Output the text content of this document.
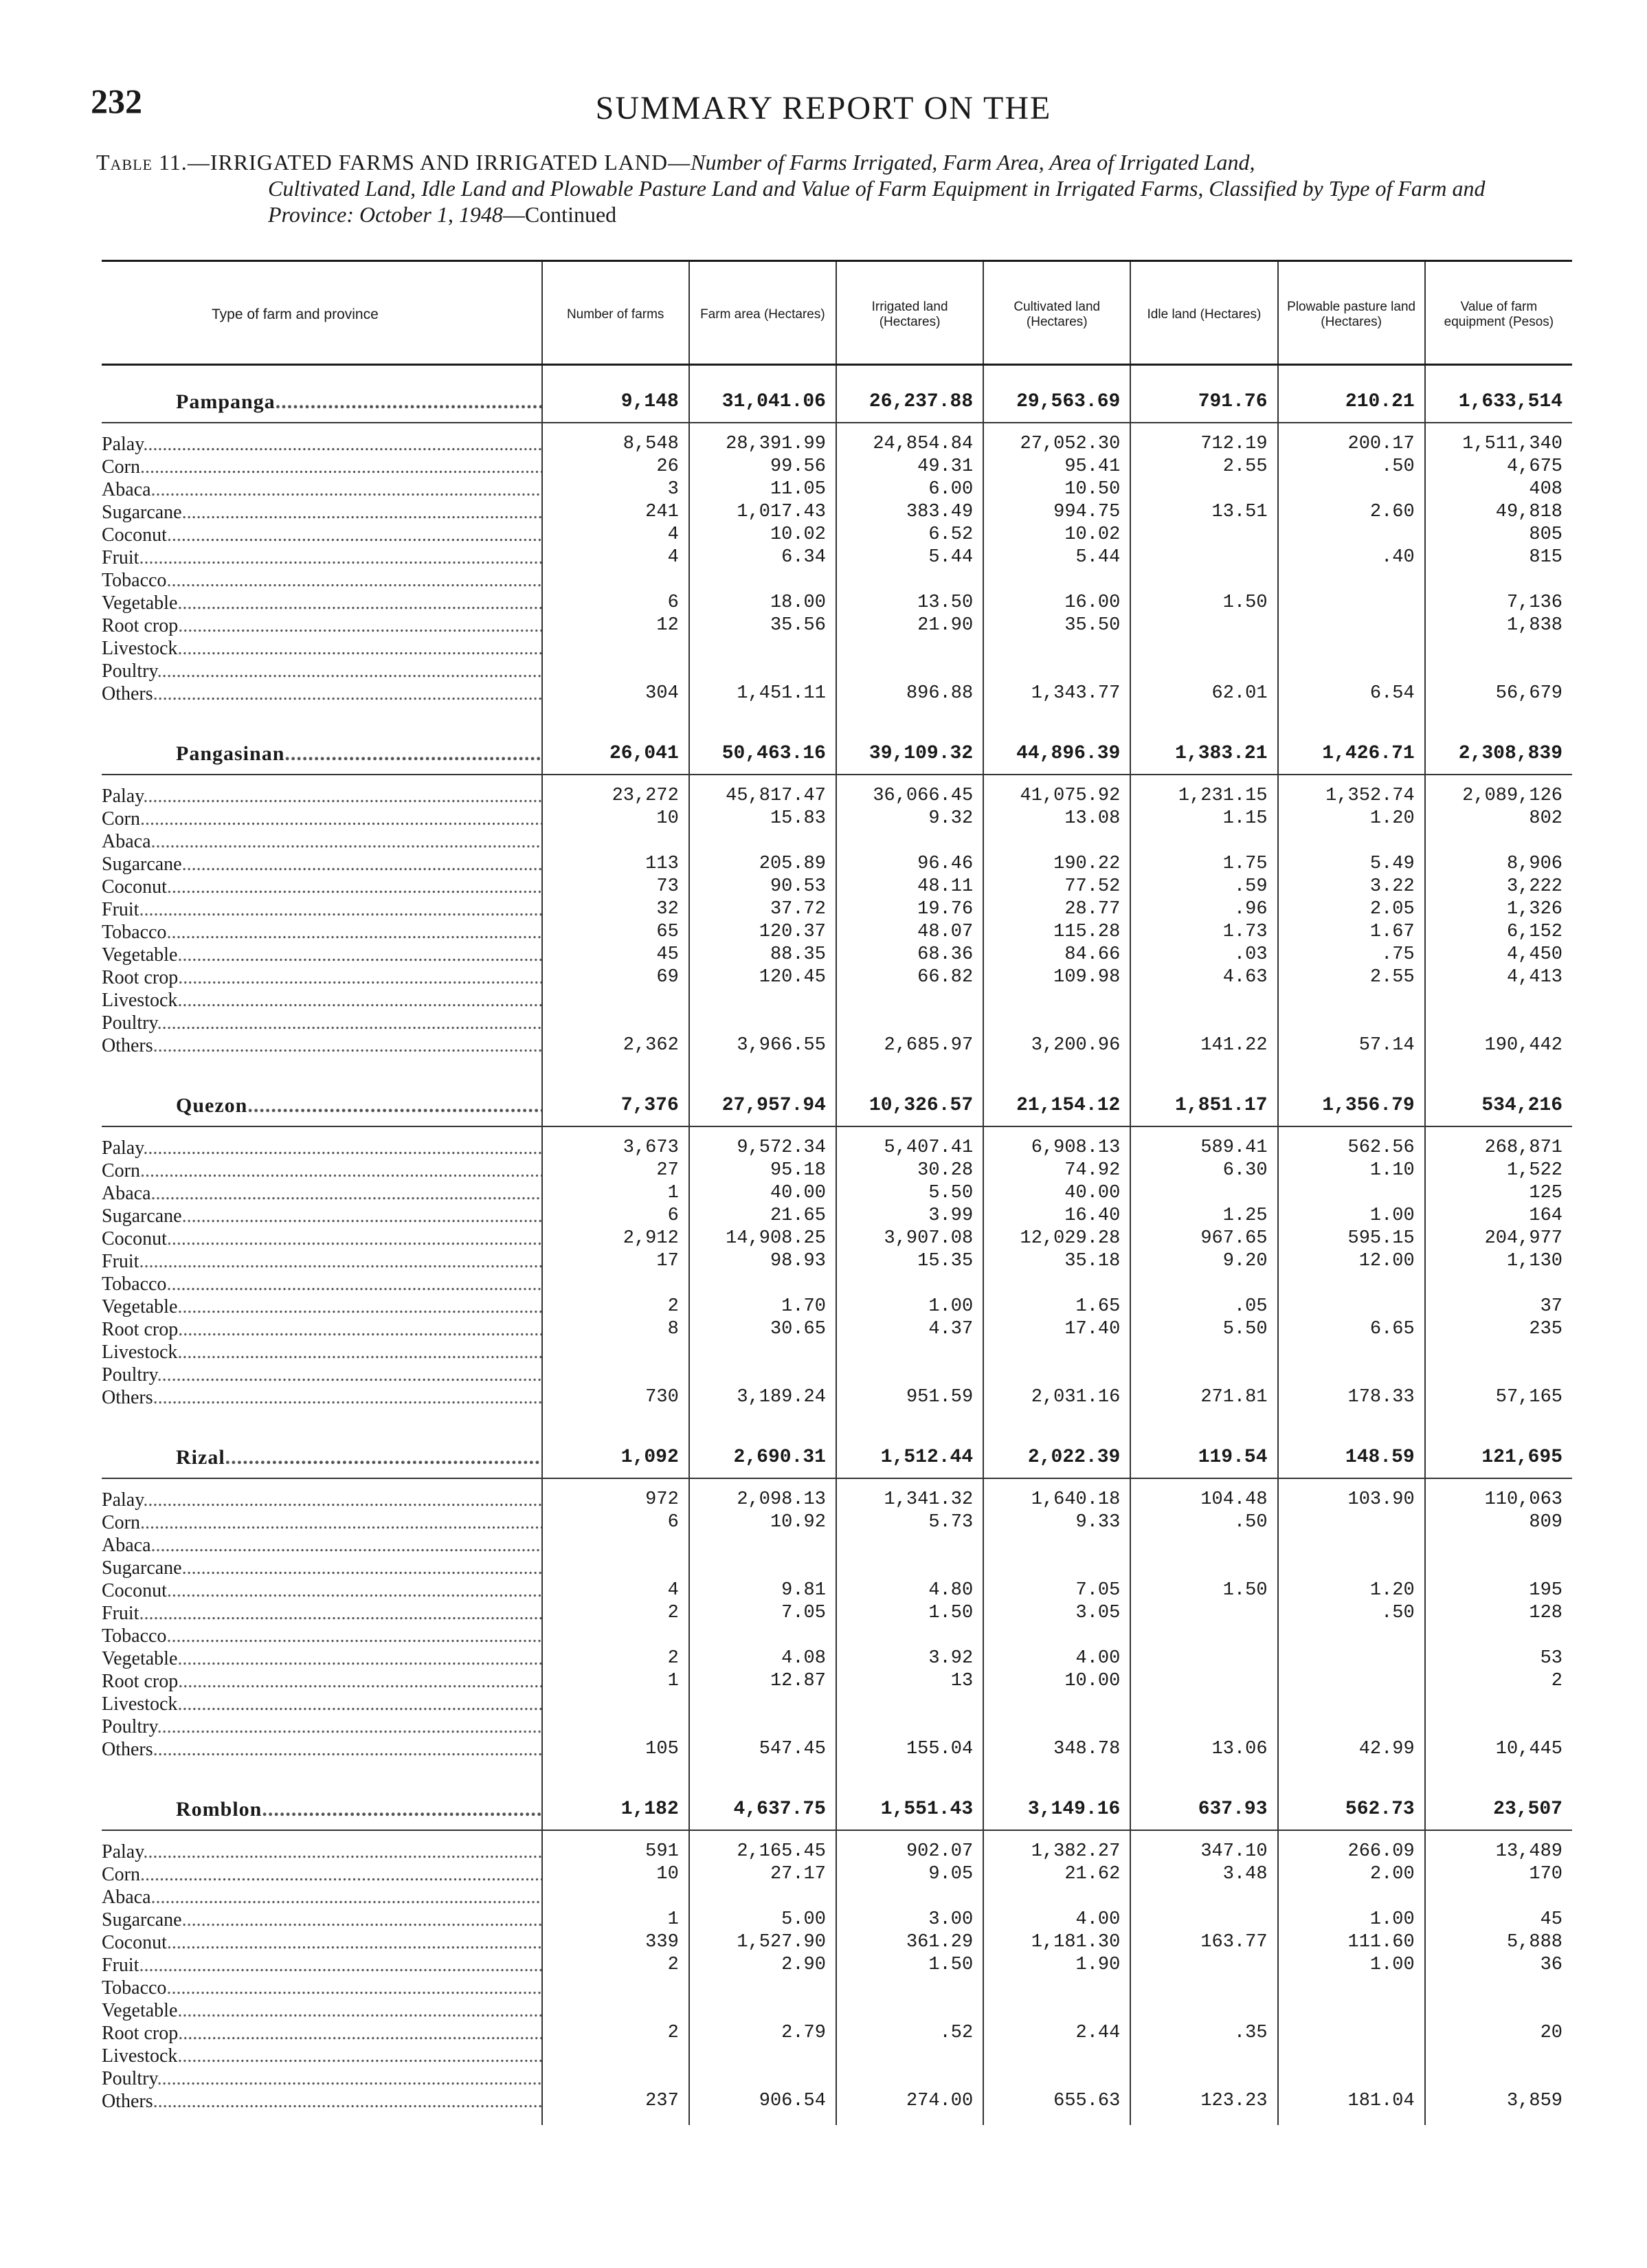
232	SUMMARY REPORT ON THE
Table 11.—IRRIGATED FARMS AND IRRIGATED LAND—Number of Farms Irrigated, Farm Area, Area of Irrigated Land,
Cultivated Land, Idle Land and Plowable Pasture Land and Value of Farm Equipment in Irrigated Farms, Classified by Type of Farm and Province: October 1, 1948—Continued
Type of farm and province	Number of farms	Farm area (Hectares)	Irrigated land (Hectares)	Cultivated land (Hectares)	Idle land (Hectares)	Plowable pasture land (Hectares)	Value of farm equipment (Pesos)
Pampanga .....	9,148	31,041.06	26,237.88	29,563.69	791.76	210.21	1,633,514

Palay .....	8,548	28,391.99	24,854.84	27,052.30	712.19	200.17	1,511,340
Corn .....	26	99.56	49.31	95.41	2.55	.50	4,675
Abaca .....	3	11.05	6.00	10.50			408
Sugarcane .....	241	1,017.43	383.49	994.75	13.51	2.60	49,818
Coconut .....	4	10.02	6.52	10.02			805
Fruit .....	4	6.34	5.44	5.44		.40	815
Tobacco .....							
Vegetable .....	6	18.00	13.50	16.00	1.50		7,136
Root crop .....	12	35.56	21.90	35.50			1,838
Livestock .....							
Poultry .....							
Others .....	304	1,451.11	896.88	1,343.77	62.01	6.54	56,679
Pangasinan .....	26,041	50,463.16	39,109.32	44,896.39	1,383.21	1,426.71	2,308,839

Palay .....	23,272	45,817.47	36,066.45	41,075.92	1,231.15	1,352.74	2,089,126
Corn .....	10	15.83	9.32	13.08	1.15	1.20	802
Abaca .....							
Sugarcane .....	113	205.89	96.46	190.22	1.75	5.49	8,906
Coconut .....	73	90.53	48.11	77.52	.59	3.22	3,222
Fruit .....	32	37.72	19.76	28.77	.96	2.05	1,326
Tobacco .....	65	120.37	48.07	115.28	1.73	1.67	6,152
Vegetable .....	45	88.35	68.36	84.66	.03	.75	4,450
Root crop .....	69	120.45	66.82	109.98	4.63	2.55	4,413
Livestock .....							
Poultry .....							
Others .....	2,362	3,966.55	2,685.97	3,200.96	141.22	57.14	190,442
Quezon .....	7,376	27,957.94	10,326.57	21,154.12	1,851.17	1,356.79	534,216

Palay .....	3,673	9,572.34	5,407.41	6,908.13	589.41	562.56	268,871
Corn .....	27	95.18	30.28	74.92	6.30	1.10	1,522
Abaca .....	1	40.00	5.50	40.00			125
Sugarcane .....	6	21.65	3.99	16.40	1.25	1.00	164
Coconut .....	2,912	14,908.25	3,907.08	12,029.28	967.65	595.15	204,977
Fruit .....	17	98.93	15.35	35.18	9.20	12.00	1,130
Tobacco .....							
Vegetable .....	2	1.70	1.00	1.65	.05		37
Root crop .....	8	30.65	4.37	17.40	5.50	6.65	235
Livestock .....							
Poultry .....							
Others .....	730	3,189.24	951.59	2,031.16	271.81	178.33	57,165
Rizal .....	1,092	2,690.31	1,512.44	2,022.39	119.54	148.59	121,695

Palay .....	972	2,098.13	1,341.32	1,640.18	104.48	103.90	110,063
Corn .....	6	10.92	5.73	9.33	.50		809
Abaca .....							
Sugarcane .....							
Coconut .....	4	9.81	4.80	7.05	1.50	1.20	195
Fruit .....	2	7.05	1.50	3.05		.50	128
Tobacco .....							
Vegetable .....	2	4.08	3.92	4.00			53
Root crop .....	1	12.87	13	10.00			2
Livestock .....							
Poultry .....							
Others .....	105	547.45	155.04	348.78	13.06	42.99	10,445
Romblon .....	1,182	4,637.75	1,551.43	3,149.16	637.93	562.73	23,507

Palay .....	591	2,165.45	902.07	1,382.27	347.10	266.09	13,489
Corn .....	10	27.17	9.05	21.62	3.48	2.00	170
Abaca .....							
Sugarcane .....	1	5.00	3.00	4.00		1.00	45
Coconut .....	339	1,527.90	361.29	1,181.30	163.77	111.60	5,888
Fruit .....	2	2.90	1.50	1.90		1.00	36
Tobacco .....							
Vegetable .....							
Root crop .....	2	2.79	.52	2.44	.35		20
Livestock .....							
Poultry .....							
Others .....	237	906.54	274.00	655.63	123.23	181.04	3,859
